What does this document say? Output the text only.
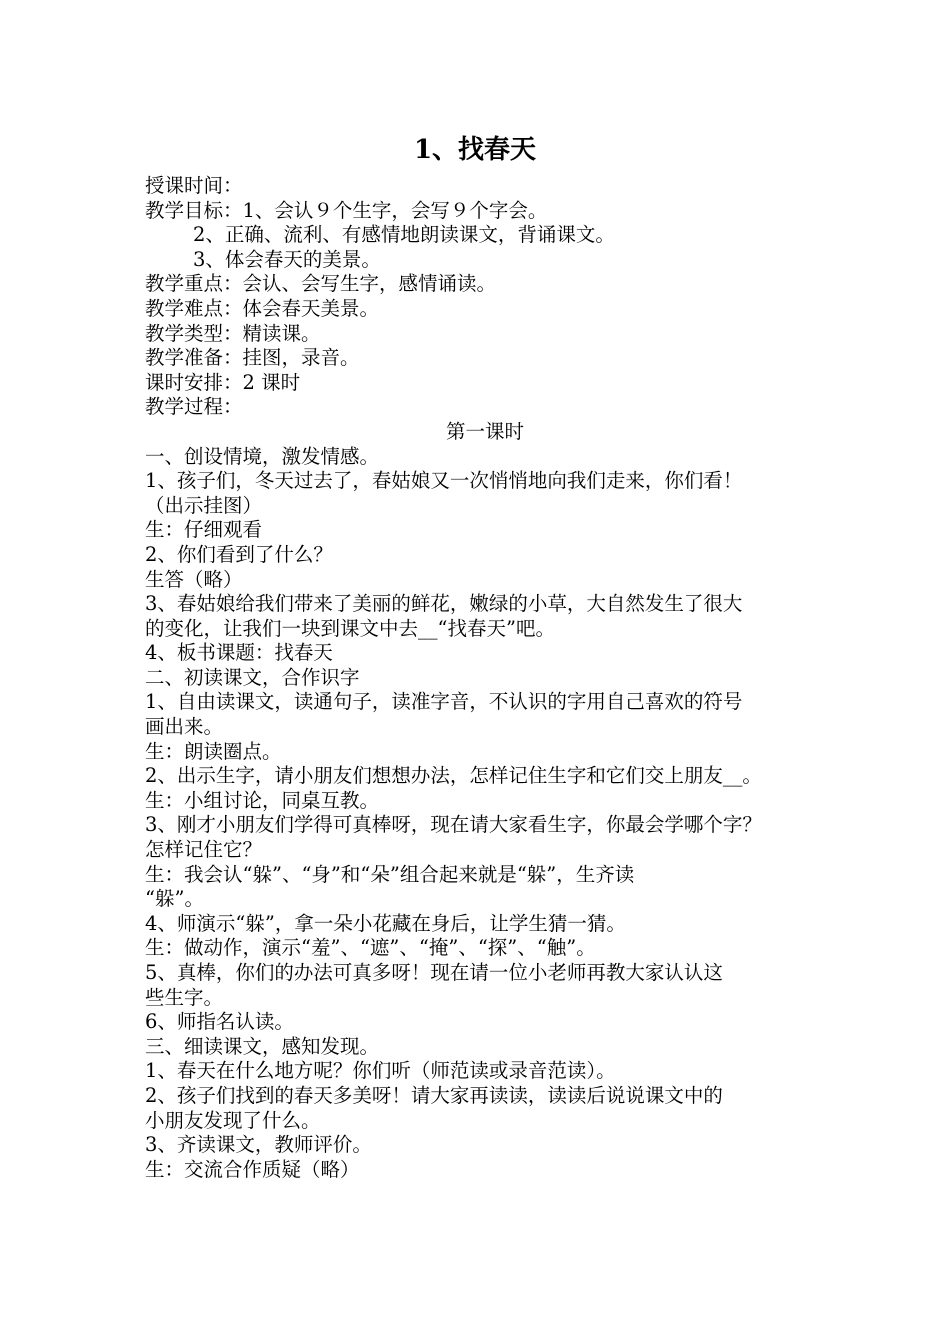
1、找春天
授课时间：
教学目标：1、会认９个生字，会写９个字会。
2、正确、流利、有感情地朗读课文，背诵课文。
3、体会春天的美景。
教学重点：会认、会写生字，感情诵读。
教学难点：体会春天美景。
教学类型：精读课。
教学准备：挂图，录音。
课时安排：2 课时
教学过程：
第一课时
一、创设情境，激发情感。
1、孩子们，冬天过去了，春姑娘又一次悄悄地向我们走来，你们看！
（出示挂图）
生：仔细观看
2、你们看到了什么？
生答（略）
3、春姑娘给我们带来了美丽的鲜花，嫩绿的小草，大自然发生了很大
的变化，让我们一块到课文中去__“找春天”吧。
4、板书课题：找春天
二、初读课文，合作识字
1、自由读课文，读通句子，读准字音，不认识的字用自己喜欢的符号
画出来。
生：朗读圈点。
2、出示生字，请小朋友们想想办法，怎样记住生字和它们交上朋友__。
生：小组讨论，同桌互教。
3、刚才小朋友们学得可真棒呀，现在请大家看生字，你最会学哪个字？
怎样记住它？
生：我会认“躲”、“身”和“朵”组合起来就是“躲”，生齐读
“躲”。
4、师演示“躲”，拿一朵小花藏在身后，让学生猜一猜。
生：做动作，演示“羞”、“遮”、“掩”、“探”、“触”。
5、真棒，你们的办法可真多呀！现在请一位小老师再教大家认认这
些生字。
6、师指名认读。
三、细读课文，感知发现。
1、春天在什么地方呢？你们听（师范读或录音范读）。
2、孩子们找到的春天多美呀！请大家再读读，读读后说说课文中的
小朋友发现了什么。
3、齐读课文，教师评价。
生：交流合作质疑（略）
